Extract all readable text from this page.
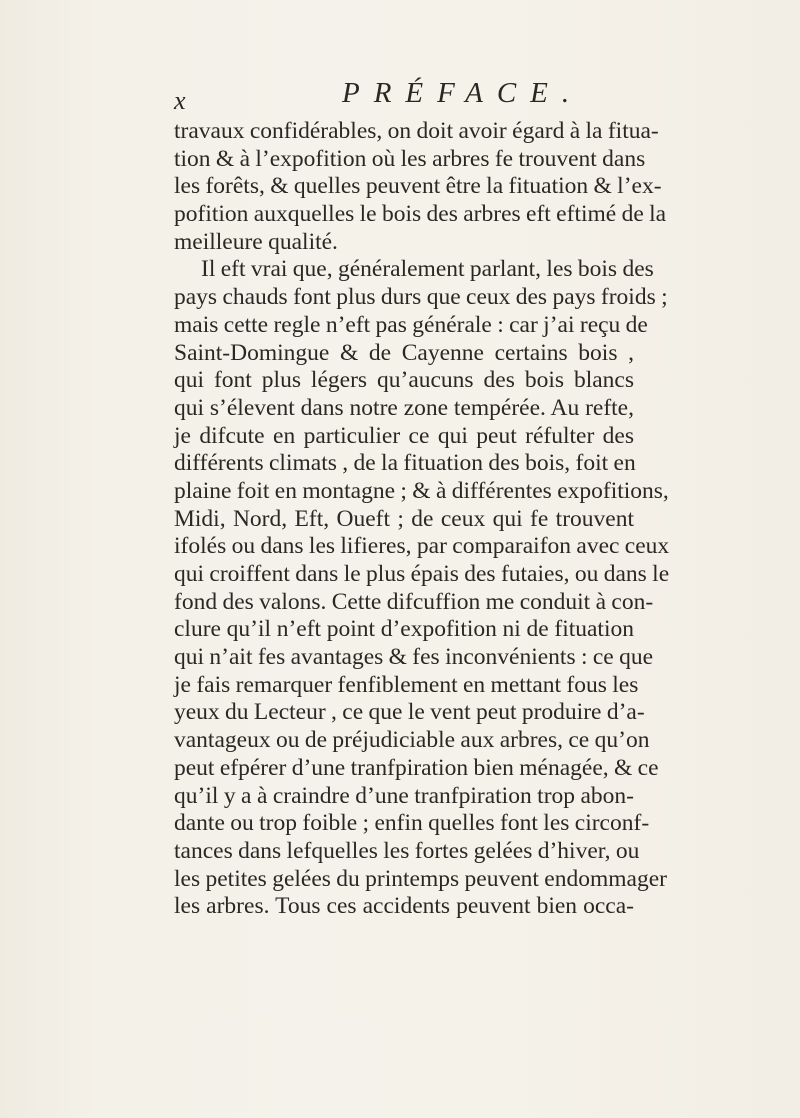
x	PRÉFACE.
travaux confidérables, on doit avoir égard à la fitua-
tion & à l’expofition où les arbres fe trouvent dans
les forêts, & quelles peuvent être la fituation & l’ex-
pofition auxquelles le bois des arbres eft eftimé de la
meilleure qualité.
Il eft vrai que, généralement parlant, les bois des
pays chauds font plus durs que ceux des pays froids ;
mais cette regle n’eft pas générale : car j’ai reçu de
Saint-Domingue & de Cayenne certains bois ,
qui font plus légers qu’aucuns des bois blancs
qui s’élevent dans notre zone tempérée. Au refte,
je difcute en particulier ce qui peut réfulter des
différents climats , de la fituation des bois, foit en
plaine foit en montagne ; & à différentes expofitions,
Midi, Nord, Eft, Oueft ; de ceux qui fe trouvent
ifolés ou dans les lifieres, par comparaifon avec ceux
qui croiffent dans le plus épais des futaies, ou dans le
fond des valons. Cette difcuffion me conduit à con-
clure qu’il n’eft point d’expofition ni de fituation
qui n’ait fes avantages & fes inconvénients : ce que
je fais remarquer fenfiblement en mettant fous les
yeux du Lecteur , ce que le vent peut produire d’a-
vantageux ou de préjudiciable aux arbres, ce qu’on
peut efpérer d’une tranfpiration bien ménagée, & ce
qu’il y a à craindre d’une tranfpiration trop abon-
dante ou trop foible ; enfin quelles font les circonf-
tances dans lefquelles les fortes gelées d’hiver, ou
les petites gelées du printemps peuvent endommager
les arbres. Tous ces accidents peuvent bien occa-
